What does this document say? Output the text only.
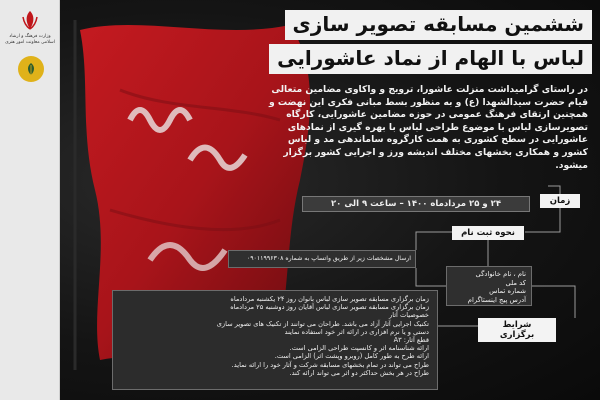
وزارت فرهنگ و ارشاد اسلامی معاونت امور هنری
ششمین مسابقه تصویر سازی
لباس با الهام از نماد عاشورایی
در راستای گرامیداشت منزلت عاشورا، ترویج و واکاوی مضامین متعالی قیام حضرت سیدالشهدا (ع) و به منظور بسط مبانی فکری این نهضت و همچنین ارتقای فرهنگ عمومی در حوزه مضامین عاشورایی، کارگاه تصویرسازی لباس با موضوع طراحی لباس با بهره گیری از نمادهای عاشورایی در سطح کشوری به همت کارگروه ساماندهی مد و لباس کشور و همکاری بخشهای مختلف اندیشه ورز و اجرایی کشور برگزار میشود.
۲۴ و ۲۵ مردادماه ۱۴۰۰ – ساعت ۹ الی ۲۰	زمان
نحوه ثبت نام
ارسال مشخصات زیر از طریق واتساپ به شماره ۰۹۰۱۱۹۹۶۳۰۸
نام ، نام خانوادگی
کد ملی
شماره تماس
آدرس پیج اینستاگرام
شرایط برگزاری

زمان برگزاری مسابقه تصویر سازی لباس بانوان روز ۲۴ یکشنبه مردادماه

زمان برگزاری مسابقه تصویر سازی لباس آقایان روز دوشنبه ۲۵ مردادماه

خصوصیات آثار

تکنیک اجرایی آثار آزاد می باشد. طراحان می توانند از تکنیک های تصویر سازی

دستی و یا نرم افزاری در ارائه اثر خود استفاده نمایند

قطع آثار: A۳

ارائه شناسنامه اثر و کانسپت طراحی الزامی است.

ارائه طرح به طور کامل (روبرو وپشت اثر) الزامی است.

طراح می تواند در تمام بخشهای مسابقه شرکت و آثار خود را ارائه نماید.

طراح در هر بخش حداکثر دو اثر می تواند ارائه کند.
